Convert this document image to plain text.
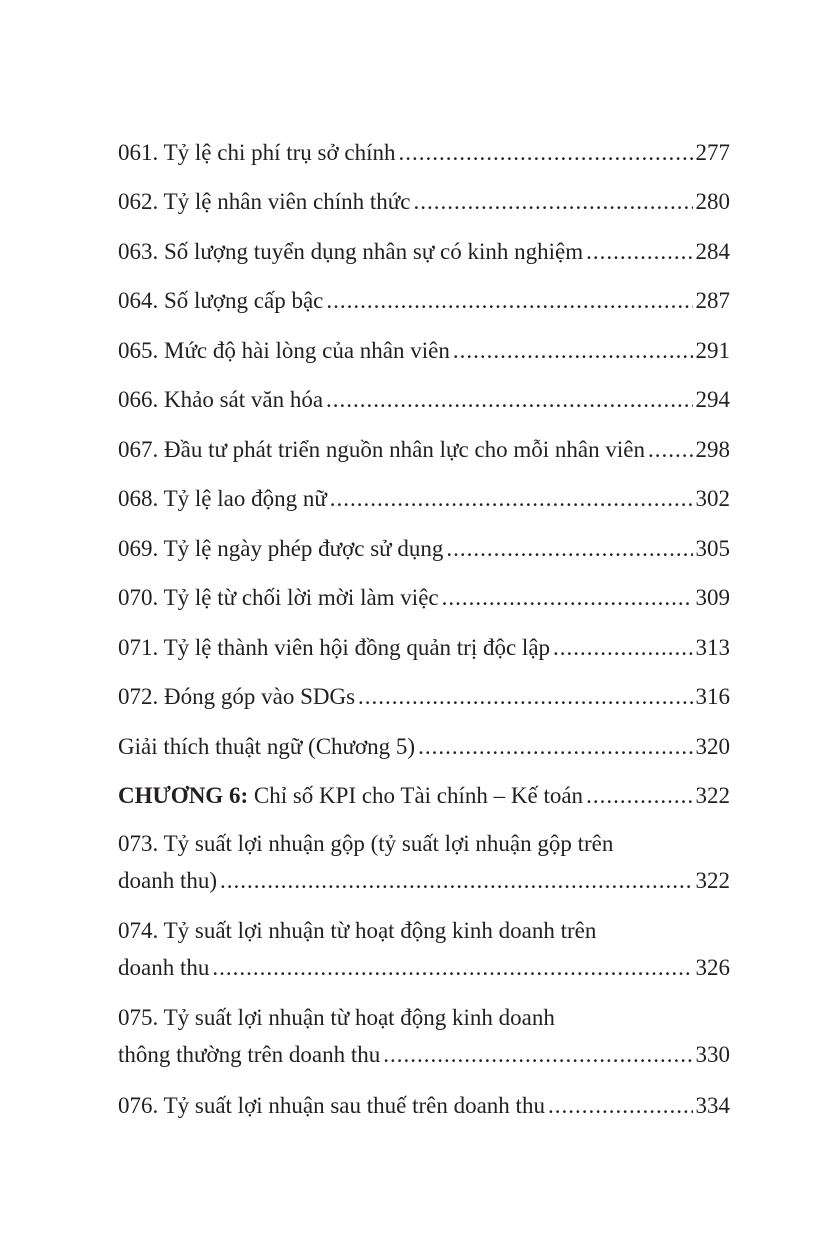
061. Tỷ lệ chi phí trụ sở chính .....	277
062. Tỷ lệ nhân viên chính thức .....	280
063. Số lượng tuyển dụng nhân sự có kinh nghiệm .....	284
064. Số lượng cấp bậc .....	287
065. Mức độ hài lòng của nhân viên .....	291
066. Khảo sát văn hóa .....	294
067. Đầu tư phát triển nguồn nhân lực cho mỗi nhân viên ..... 298
068. Tỷ lệ lao động nữ .....	302
069. Tỷ lệ ngày phép được sử dụng .....	305
070. Tỷ lệ từ chối lời mời làm việc .....	309
071. Tỷ lệ thành viên hội đồng quản trị độc lập .....	313
072. Đóng góp vào SDGs .....	316
Giải thích thuật ngữ (Chương 5) .....	320
CHƯƠNG 6: Chỉ số KPI cho Tài chính – Kế toán .....	322
073. Tỷ suất lợi nhuận gộp (tỷ suất lợi nhuận gộp trên
doanh thu) .....	322
074. Tỷ suất lợi nhuận từ hoạt động kinh doanh trên
doanh thu .....	326
075. Tỷ suất lợi nhuận từ hoạt động kinh doanh
thông thường trên doanh thu .....	330
076. Tỷ suất lợi nhuận sau thuế trên doanh thu .....	334
